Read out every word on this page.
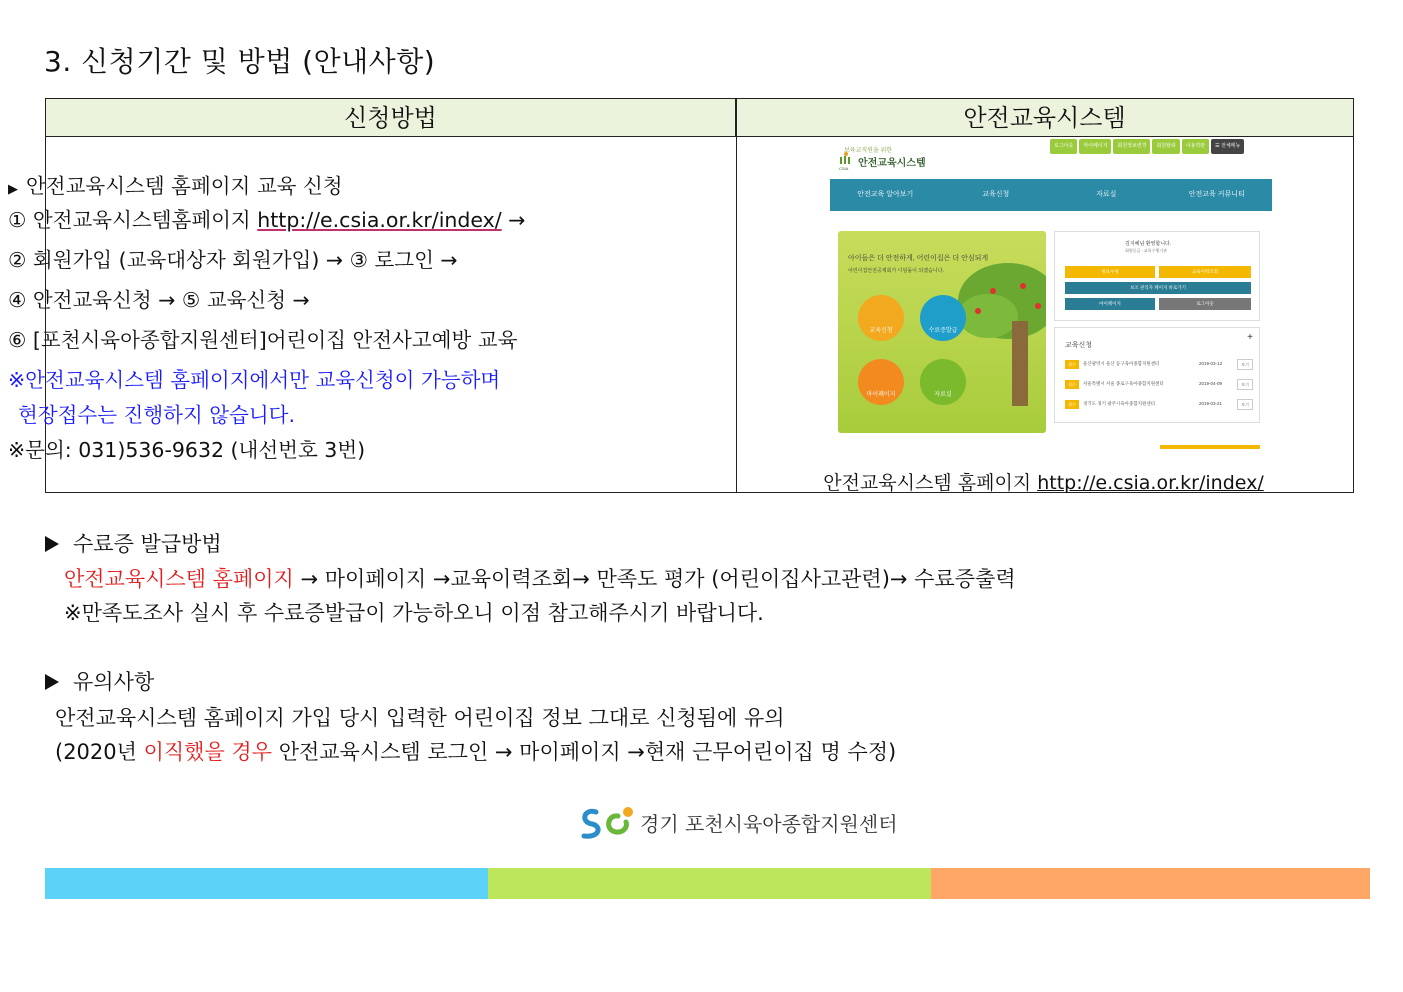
3. 신청기간 및 방법 (안내사항)
신청방법	안전교육시스템
▶ 안전교육시스템 홈페이지 교육 신청
① 안전교육시스템홈페이지 http://e.csia.or.kr/index/ →
② 회원가입 (교육대상자 회원가입) → ③ 로그인 →
④ 안전교육신청 → ⑤ 교육신청 →
⑥ [포천시육아종합지원센터]어린이집 안전사고예방 교육
※안전교육시스템 홈페이지에서만 교육신청이 가능하며
현장접수는 진행하지 않습니다.
※문의: 031)536-9632 (내선번호 3번)
보육교직원을 위한
안전교육시스템
CSIA
로그아웃	마이페이지	회원정보변경	회원탈퇴	이용약관	☰ 전체메뉴
안전교육 알아보기	교육신청	자료실	안전교육 커뮤니티
아이들은 더 안전하게, 어린이집은 더 안심되게
어린이집안전공제회가 디딤돌이 되겠습니다.
교육신청	수료증발급
마이페이지	자료실
김지혜님 환영합니다.
회원등급 : 교육수행기관
정보수정	교육이력조회
보조 관리자 페이지 바로가기
마이페이지	로그아웃
교육신청
+
접수	울산광역시 울산 동구육아종합지원센터	2019-03-13	보기
접수	서울특별시 서울 종로구육아종합지원센터	2019-04-09	보기
접수	경기도 경기 광주시육아종합지원센터	2019-03-21	보기
안전교육시스템 홈페이지 http://e.csia.or.kr/index/
수료증 발급방법
안전교육시스템 홈페이지 → 마이페이지 →교육이력조회→ 만족도 평가 (어린이집사고관련)→ 수료증출력
※만족도조사 실시 후 수료증발급이 가능하오니 이점 참고해주시기 바랍니다.
유의사항
안전교육시스템 홈페이지 가입 당시 입력한 어린이집 정보 그대로 신청됨에 유의
(2020년 이직했을 경우 안전교육시스템 로그인 → 마이페이지 →현재 근무어린이집 명 수정)
경기 포천시육아종합지원센터
